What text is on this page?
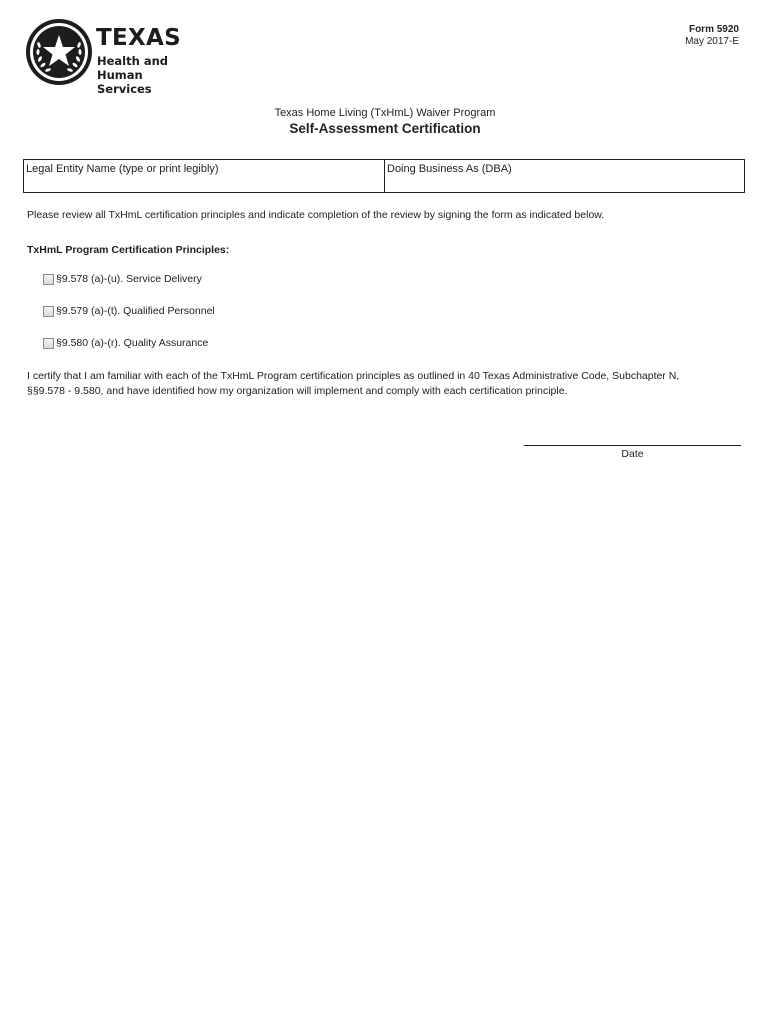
TEXAS
Health and Human
Services
Form 5920
May 2017-E
Texas Home Living (TxHmL) Waiver Program
Self-Assessment Certification
Legal Entity Name (type or print legibly)	Doing Business As (DBA)
Please review all TxHmL certification principles and indicate completion of the review by signing the form as indicated below.
TxHmL Program Certification Principles:
§9.578 (a)-(u). Service Delivery
§9.579 (a)-(t). Qualified Personnel
§9.580 (a)-(r). Quality Assurance
I certify that I am familiar with each of the TxHmL Program certification principles as outlined in 40 Texas Administrative Code, Subchapter N,
§§9.578 - 9.580, and have identified how my organization will implement and comply with each certification principle.
Date
